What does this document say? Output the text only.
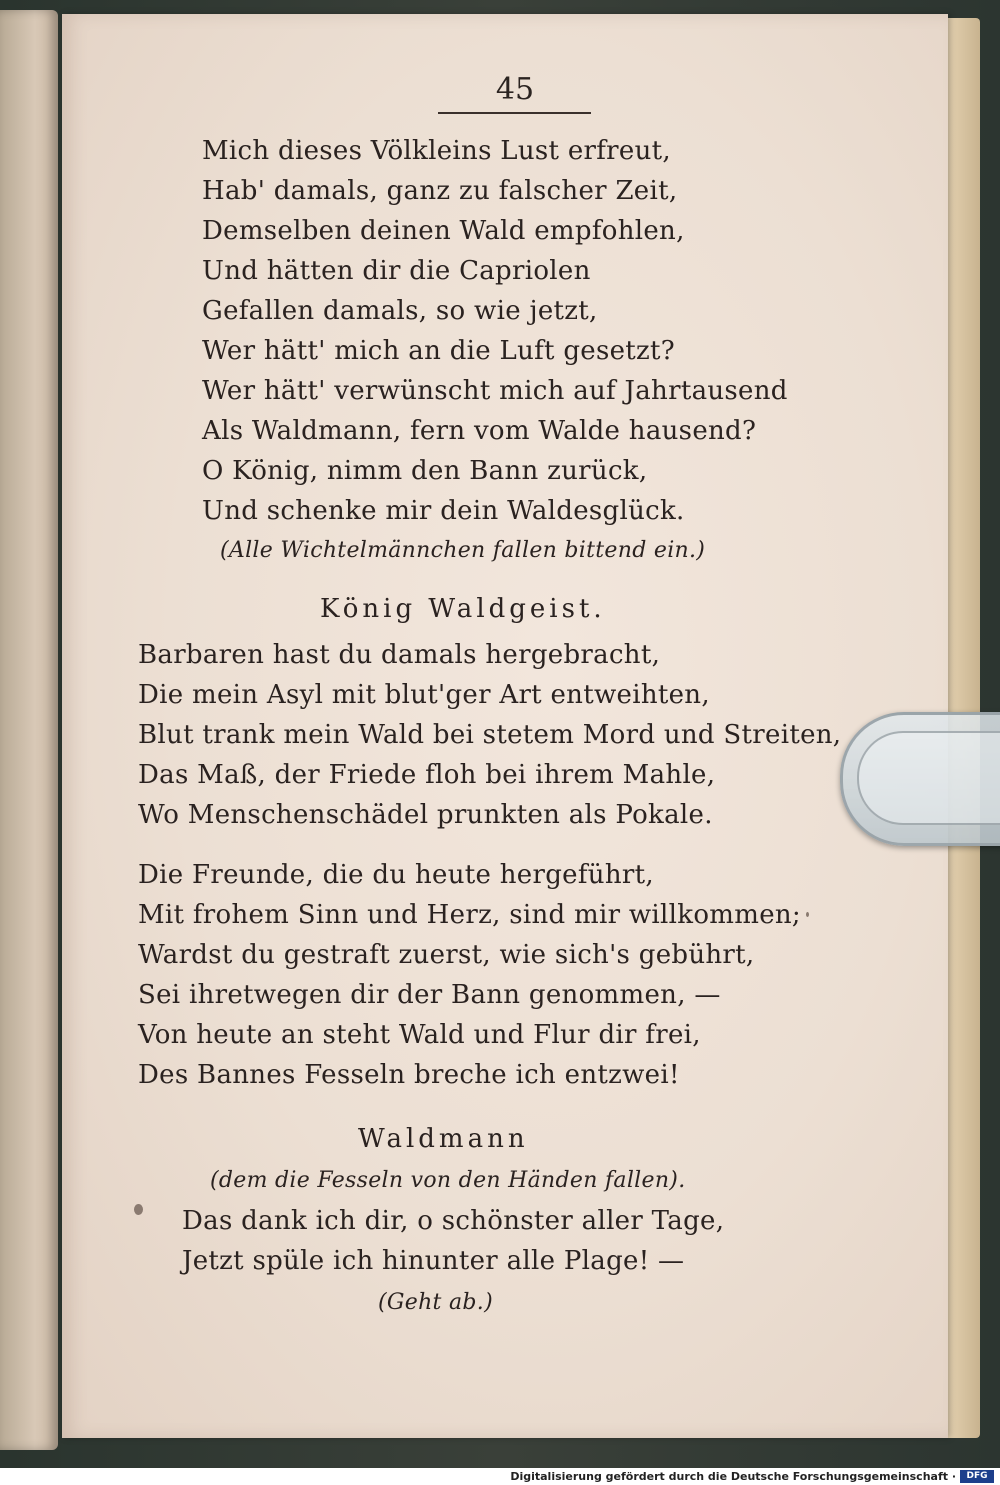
45
Mich dieses Völkleins Lust erfreut,
Hab' damals, ganz zu falscher Zeit,
Demselben deinen Wald empfohlen,
Und hätten dir die Capriolen
Gefallen damals, so wie jetzt,
Wer hätt' mich an die Luft gesetzt?
Wer hätt' verwünscht mich auf Jahrtausend
Als Waldmann, fern vom Walde hausend?
O König, nimm den Bann zurück,
Und schenke mir dein Waldesglück.
(Alle Wichtelmännchen fallen bittend ein.)
König Waldgeist.
Barbaren hast du damals hergebracht,
Die mein Asyl mit blut'ger Art entweihten,
Blut trank mein Wald bei stetem Mord und Streiten,
Das Maß, der Friede floh bei ihrem Mahle,
Wo Menschenschädel prunkten als Pokale.
Die Freunde, die du heute hergeführt,
Mit frohem Sinn und Herz, sind mir willkommen;
Wardst du gestraft zuerst, wie sich's gebührt,
Sei ihretwegen dir der Bann genommen, —
Von heute an steht Wald und Flur dir frei,
Des Bannes Fesseln breche ich entzwei!
Waldmann
(dem die Fesseln von den Händen fallen).
Das dank ich dir, o schönster aller Tage,
Jetzt spüle ich hinunter alle Plage! —
(Geht ab.)
Digitalisierung gefördert durch die Deutsche Forschungsgemeinschaft ·	DFG
